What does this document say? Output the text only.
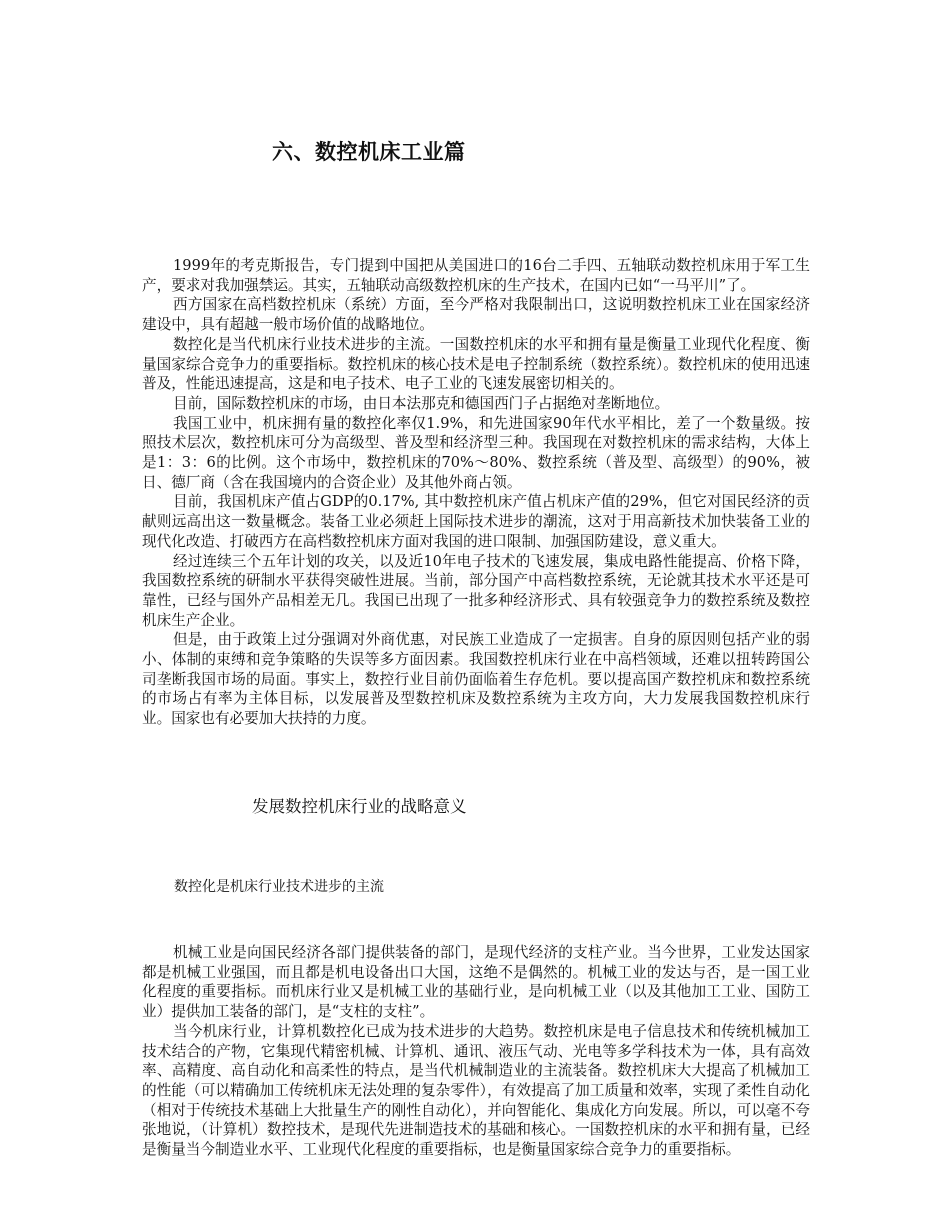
六、数控机床工业篇

1999年的考克斯报告，专门提到中国把从美国进口的16台二手四、五轴联动数控机床用于军工生产，要求对我加强禁运。其实，五轴联动高级数控机床的生产技术，在国内已如“一马平川”了。

西方国家在高档数控机床（系统）方面，至今严格对我限制出口，这说明数控机床工业在国家经济建设中，具有超越一般市场价值的战略地位。

数控化是当代机床行业技术进步的主流。一国数控机床的水平和拥有量是衡量工业现代化程度、衡量国家综合竞争力的重要指标。数控机床的核心技术是电子控制系统（数控系统）。数控机床的使用迅速普及，性能迅速提高，这是和电子技术、电子工业的飞速发展密切相关的。

目前，国际数控机床的市场，由日本法那克和德国西门子占据绝对垄断地位。

我国工业中，机床拥有量的数控化率仅1.9%，和先进国家90年代水平相比，差了一个数量级。按照技术层次，数控机床可分为高级型、普及型和经济型三种。我国现在对数控机床的需求结构，大体上是1：3：6的比例。这个市场中，数控机床的70%～80%、数控系统（普及型、高级型）的90%，被日、德厂商（含在我国境内的合资企业）及其他外商占领。

目前，我国机床产值占GDP的0.17%, 其中数控机床产值占机床产值的29%，但它对国民经济的贡献则远高出这一数量概念。装备工业必须赶上国际技术进步的潮流，这对于用高新技术加快装备工业的现代化改造、打破西方在高档数控机床方面对我国的进口限制、加强国防建设，意义重大。

经过连续三个五年计划的攻关，以及近10年电子技术的飞速发展，集成电路性能提高、价格下降，我国数控系统的研制水平获得突破性进展。当前，部分国产中高档数控系统，无论就其技术水平还是可靠性，已经与国外产品相差无几。我国已出现了一批多种经济形式、具有较强竞争力的数控系统及数控机床生产企业。

但是，由于政策上过分强调对外商优惠，对民族工业造成了一定损害。自身的原因则包括产业的弱小、体制的束缚和竞争策略的失误等多方面因素。我国数控机床行业在中高档领域，还难以扭转跨国公司垄断我国市场的局面。事实上，数控行业目前仍面临着生存危机。要以提高国产数控机床和数控系统的市场占有率为主体目标，以发展普及型数控机床及数控系统为主攻方向，大力发展我国数控机床行业。国家也有必要加大扶持的力度。

发展数控机床行业的战略意义
数控化是机床行业技术进步的主流

机械工业是向国民经济各部门提供装备的部门，是现代经济的支柱产业。当今世界，工业发达国家都是机械工业强国，而且都是机电设备出口大国，这绝不是偶然的。机械工业的发达与否，是一国工业化程度的重要指标。而机床行业又是机械工业的基础行业，是向机械工业（以及其他加工工业、国防工业）提供加工装备的部门，是“支柱的支柱”。

当今机床行业，计算机数控化已成为技术进步的大趋势。数控机床是电子信息技术和传统机械加工技术结合的产物，它集现代精密机械、计算机、通讯、液压气动、光电等多学科技术为一体，具有高效率、高精度、高自动化和高柔性的特点，是当代机械制造业的主流装备。数控机床大大提高了机械加工的性能（可以精确加工传统机床无法处理的复杂零件），有效提高了加工质量和效率，实现了柔性自动化（相对于传统技术基础上大批量生产的刚性自动化），并向智能化、集成化方向发展。所以，可以毫不夸张地说，（计算机）数控技术，是现代先进制造技术的基础和核心。一国数控机床的水平和拥有量，已经是衡量当今制造业水平、工业现代化程度的重要指标，也是衡量国家综合竞争力的重要指标。
